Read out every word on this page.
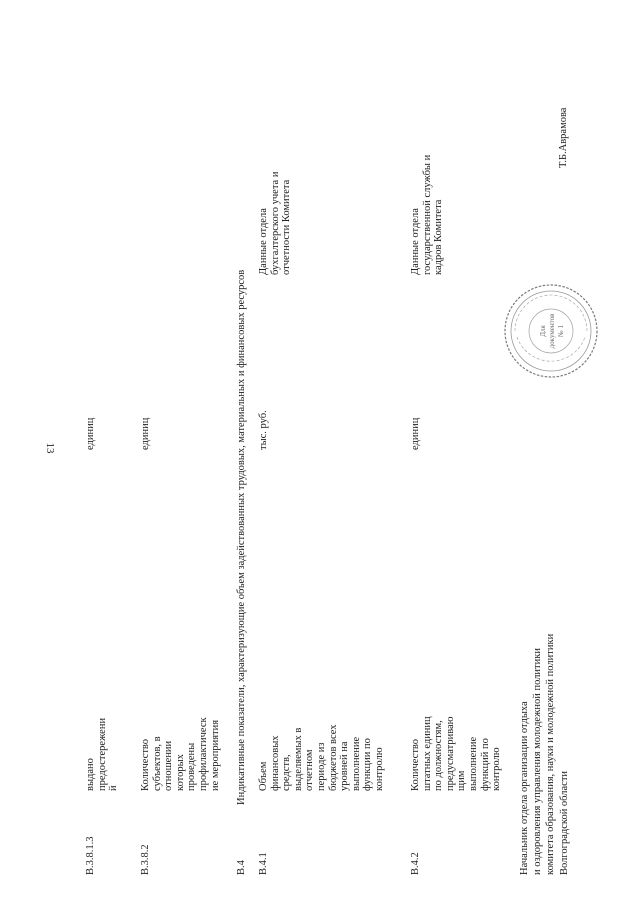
13
В.3.8.1.3
выдано
предостережени
й
единиц
В.3.8.2
Количество
субъектов, в
отношении
которых
проведены
профилактическ
ие мероприятия
единиц
В.4
Индикативные показатели, характеризующие объем задействованных трудовых, материальных и финансовых ресурсов
В.4.1
Объем
финансовых
средств,
выделяемых в
отчетном
периоде из
бюджетов всех
уровней на
выполнение
функции по
контролю
тыс. руб.
Данные отдела
бухгалтерского учета и
отчетности Комитета
В.4.2
Количество
штатных единиц
по должностям,
предусматриваю
щим
выполнение
функций по
контролю
единиц
Данные отдела
государственной службы и
кадров Комитета
Начальник отдела организации отдыха
и оздоровления управления молодежной политики
комитета образования, науки и молодежной политики
Волгоградской области
Т.Б.Аврамова
Для документов № 1
